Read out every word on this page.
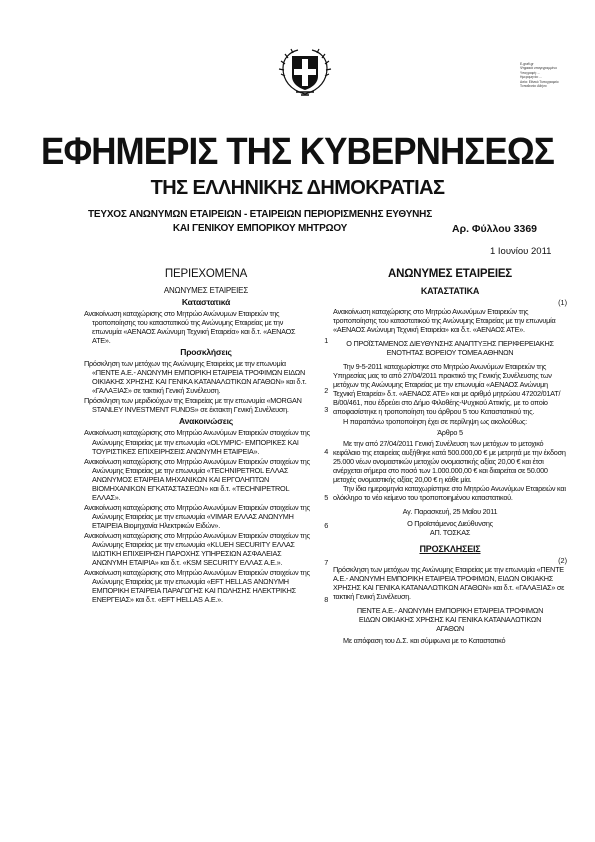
E-grafi.gr
Ψηφιακά υπογεγραμμένο
Υπογραφή: ...
Ημερομηνία: ...
Αιτία: Εθνικό Τυπογραφείο
Τοποθεσία: Αθήνα
ΕΦΗΜΕΡΙΣ ΤΗΣ ΚΥΒΕΡΝΗΣΕΩΣ
ΤΗΣ ΕΛΛΗΝΙΚΗΣ ΔΗΜΟΚΡΑΤΙΑΣ
ΤΕΥΧΟΣ ΑΝΩΝΥΜΩΝ ΕΤΑΙΡΕΙΩΝ - ΕΤΑΙΡΕΙΩΝ ΠΕΡΙΟΡΙΣΜΕΝΗΣ ΕΥΘΥΝΗΣ
ΚΑΙ ΓΕΝΙΚΟΥ ΕΜΠΟΡΙΚΟΥ ΜΗΤΡΩΟΥ	Αρ. Φύλλου 3369
1 Ιουνίου 2011
ΠΕΡΙΕΧΟΜΕΝΑ
ΑΝΩΝΥΜΕΣ ΕΤΑΙΡΕΙΕΣ
Καταστατικά
Ανακοίνωση καταχώρισης στο Μητρώο Ανώνυμων Εταιρειών της τροποποίησης του καταστατικού της Ανώνυμης Εταιρείας με την επωνυμία «ΑΕΝΑΟΣ Ανώνυμη Τεχνική Εταιρεία» και δ.τ. «ΑΕΝΑΟΣ ΑΤΕ».	1
Προσκλήσεις
Πρόσκληση των μετόχων της Ανώνυμης Εταιρείας με την επωνυμία «ΠΕΝΤΕ Α.Ε.- ΑΝΩΝΥΜΗ ΕΜΠΟΡΙΚΗ ΕΤΑΙΡΕΙΑ ΤΡΟΦΙΜΩΝ ΕΙΔΩΝ ΟΙΚΙΑΚΗΣ ΧΡΗΣΗΣ ΚΑΙ ΓΕΝΙΚΑ ΚΑΤΑΝΑΛΩΤΙΚΩΝ ΑΓΑΘΩΝ» και δ.τ. «ΓΑΛΑΞΙΑΣ» σε τακτική Γενική Συνέλευση.	2
Πρόσκληση των μεριδιούχων της Εταιρείας με την επωνυμία «MORGAN STANLEY INVESTMENT FUNDS» σε έκτακτη Γενική Συνέλευση.	3
Ανακοινώσεις
Ανακοίνωση καταχώρισης στο Μητρώο Ανωνύμων Εταιρειών στοιχείων της Ανώνυμης Εταιρείας με την επωνυμία «OLYMPIC- ΕΜΠΟΡΙΚΕΣ ΚΑΙ ΤΟΥΡΙΣΤΙΚΕΣ ΕΠΙΧΕΙΡΗΣΕΙΣ ΑΝΩΝΥΜΗ ΕΤΑΙΡΕΙΑ».	4
Ανακοίνωση καταχώρισης στο Μητρώο Ανωνύμων Εταιρειών στοιχείων της Ανώνυμης Εταιρείας με την επωνυμία «TECHNIPETROL ΕΛΛΑΣ ΑΝΩΝΥΜΟΣ ΕΤΑΙΡΕΙΑ ΜΗΧΑΝΙΚΩΝ ΚΑΙ ΕΡΓΟΛΗΠΤΩΝ ΒΙΟΜΗΧΑΝΙΚΩΝ ΕΓΚΑΤΑΣΤΑΣΕΩΝ» και δ.τ. «TECHNIPETROL ΕΛΛΑΣ».	5
Ανακοίνωση καταχώρισης στο Μητρώο Ανωνύμων Εταιρειών στοιχείων της Ανώνυμης Εταιρείας με την επωνυμία «VIMAR ΕΛΛΑΣ ΑΝΩΝΥΜΗ ΕΤΑΙΡΕΙΑ Βιομηχανία Ηλεκτρικών Ειδών».	6
Ανακοίνωση καταχώρισης στο Μητρώο Ανωνύμων Εταιρειών στοιχείων της Ανώνυμης Εταιρείας με την επωνυμία «KLUEH SECURITY ΕΛΛΑΣ ΙΔΙΩΤΙΚΗ ΕΠΙΧΕΙΡΗΣΗ ΠΑΡΟΧΗΣ ΥΠΗΡΕΣΙΩΝ ΑΣΦΑΛΕΙΑΣ ΑΝΩΝΥΜΗ ΕΤΑΙΡΙΑ» και δ.τ. «KSM SECURITY ΕΛΛΑΣ Α.Ε.».	7
Ανακοίνωση καταχώρισης στο Μητρώο Ανωνύμων Εταιρειών στοιχείων της Ανώνυμης Εταιρείας με την επωνυμία «EFT HELLAS ΑΝΩΝΥΜΗ ΕΜΠΟΡΙΚΗ ΕΤΑΙΡΕΙΑ ΠΑΡΑΓΩΓΗΣ ΚΑΙ ΠΩΛΗΣΗΣ ΗΛΕΚΤΡΙΚΗΣ ΕΝΕΡΓΕΙΑΣ» και δ.τ. «EFT HELLAS Α.Ε.».	8
ΑΝΩΝΥΜΕΣ ΕΤΑΙΡΕΙΕΣ
ΚΑΤΑΣΤΑΤΙΚΑ
(1)
Ανακοίνωση καταχώρισης στο Μητρώο Ανωνύμων Εταιρειών της τροποποίησης του καταστατικού της Ανώνυμης Εταιρείας με την επωνυμία «ΑΕΝΑΟΣ Ανώνυμη Τεχνική Εταιρεία» και δ.τ. «ΑΕΝΑΟΣ ΑΤΕ».
Ο ΠΡΟΪΣΤΑΜΕΝΟΣ ΔΙΕΥΘΥΝΣΗΣ ΑΝΑΠΤΥΞΗΣ ΠΕΡΙΦΕΡΕΙΑΚΗΣ ΕΝΟΤΗΤΑΣ ΒΟΡΕΙΟΥ ΤΟΜΕΑ ΑΘΗΝΩΝ
Την 9-5-2011 καταχωρίστηκε στο Μητρώο Ανωνύμων Εταιρειών της Υπηρεσίας μας το από 27/04/2011 πρακτικό της Γενικής Συνέλευσης των μετόχων της Ανώνυμης Εταιρείας με την επωνυμία «ΑΕΝΑΟΣ Ανώνυμη Τεχνική Εταιρεία» δ.τ. «ΑΕΝΑΟΣ ΑΤΕ» και με αριθμό μητρώου 47202/01ΑΤ/Β/00/461, που έδρεύει στο Δήμο Φιλοθέης-Ψυχικού Αττικής, με το οποίο αποφασίστηκε η τροποποίηση του άρθρου 5 του Καταστατικού της.
Η παραπάνω τροποποίηση έχει σε περίληψη ως ακολούθως:
Άρθρο 5
Με την από 27/04/2011 Γενική Συνέλευση των μετόχων το μετοχικό κεφάλαιο της εταιρείας αυξήθηκε κατά 500.000,00 € με μετρητά με την έκδοση 25.000 νέων ονομαστικών μετοχών ονομαστικής αξίας 20,00 € και έτσι ανέρχεται σήμερα στο ποσό των 1.000.000,00 € και διαιρείται σε 50.000 μετοχές ονομαστικής αξίας 20,00 € η κάθε μία.
Την ίδια ημερομηνία καταχωρίστηκε στο Μητρώο Ανωνύμων Εταιρειών και ολόκληρο το νέο κείμενο του τροποποιημένου καταστατικού.
Αγ. Παρασκευή, 25 Μαΐου 2011
Ο Προϊστάμενος Διεύθυνσης
ΑΠ. ΤΟΣΚΑΣ
ΠΡΟΣΚΛΗΣΕΙΣ
(2)
Πρόσκληση των μετόχων της Ανώνυμης Εταιρείας με την επωνυμία «ΠΕΝΤΕ Α.Ε.- ΑΝΩΝΥΜΗ ΕΜΠΟΡΙΚΗ ΕΤΑΙΡΕΙΑ ΤΡΟΦΙΜΩΝ, ΕΙΔΩΝ ΟΙΚΙΑΚΗΣ ΧΡΗΣΗΣ ΚΑΙ ΓΕΝΙΚΑ ΚΑΤΑΝΑΛΩΤΙΚΩΝ ΑΓΑΘΩΝ» και δ.τ. «ΓΑΛΑΞΙΑΣ» σε τακτική Γενική Συνέλευση.
ΠΕΝΤΕ Α.Ε.- ΑΝΩΝΥΜΗ ΕΜΠΟΡΙΚΗ ΕΤΑΙΡΕΙΑ ΤΡΟΦΙΜΩΝ ΕΙΔΩΝ ΟΙΚΙΑΚΗΣ ΧΡΗΣΗΣ ΚΑΙ ΓΕΝΙΚΑ ΚΑΤΑΝΑΛΩΤΙΚΩΝ ΑΓΑΘΩΝ
Με απόφαση του Δ.Σ. και σύμφωνα με το Καταστατικό
